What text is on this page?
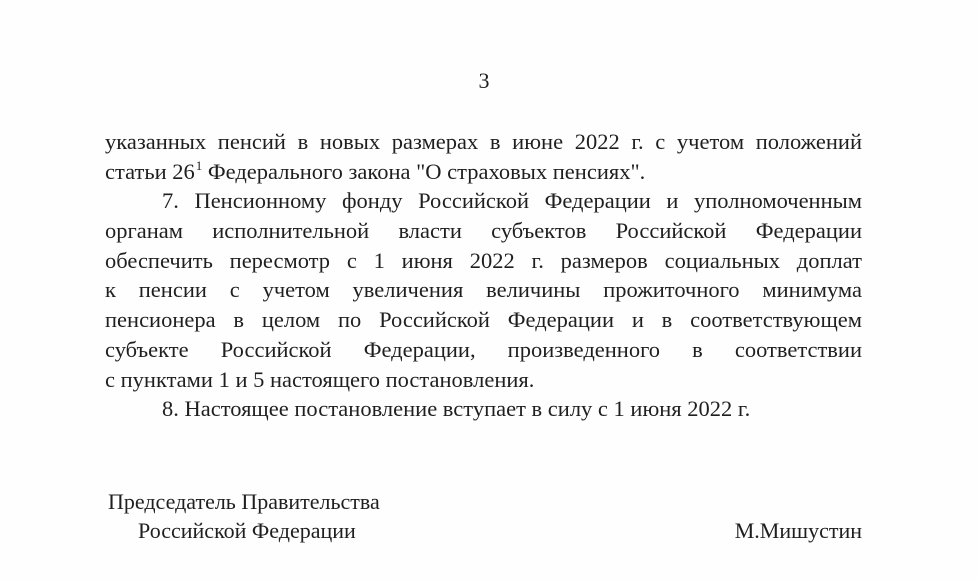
3
указанных пенсий в новых размерах в июне 2022 г. с учетом положений
статьи $26^1$ Федерального закона "О страховых пенсиях".
7. Пенсионному фонду Российской Федерации и уполномоченным
органам исполнительной власти субъектов Российской Федерации
обеспечить пересмотр с 1 июня 2022 г. размеров социальных доплат
к пенсии с учетом увеличения величины прожиточного минимума
пенсионера в целом по Российской Федерации и в соответствующем
субъекте Российской Федерации, произведенного в соответствии
с пунктами 1 и 5 настоящего постановления.
8. Настоящее постановление вступает в силу с 1 июня 2022 г.
Председатель Правительства
Российской Федерации	М.Мишустин
